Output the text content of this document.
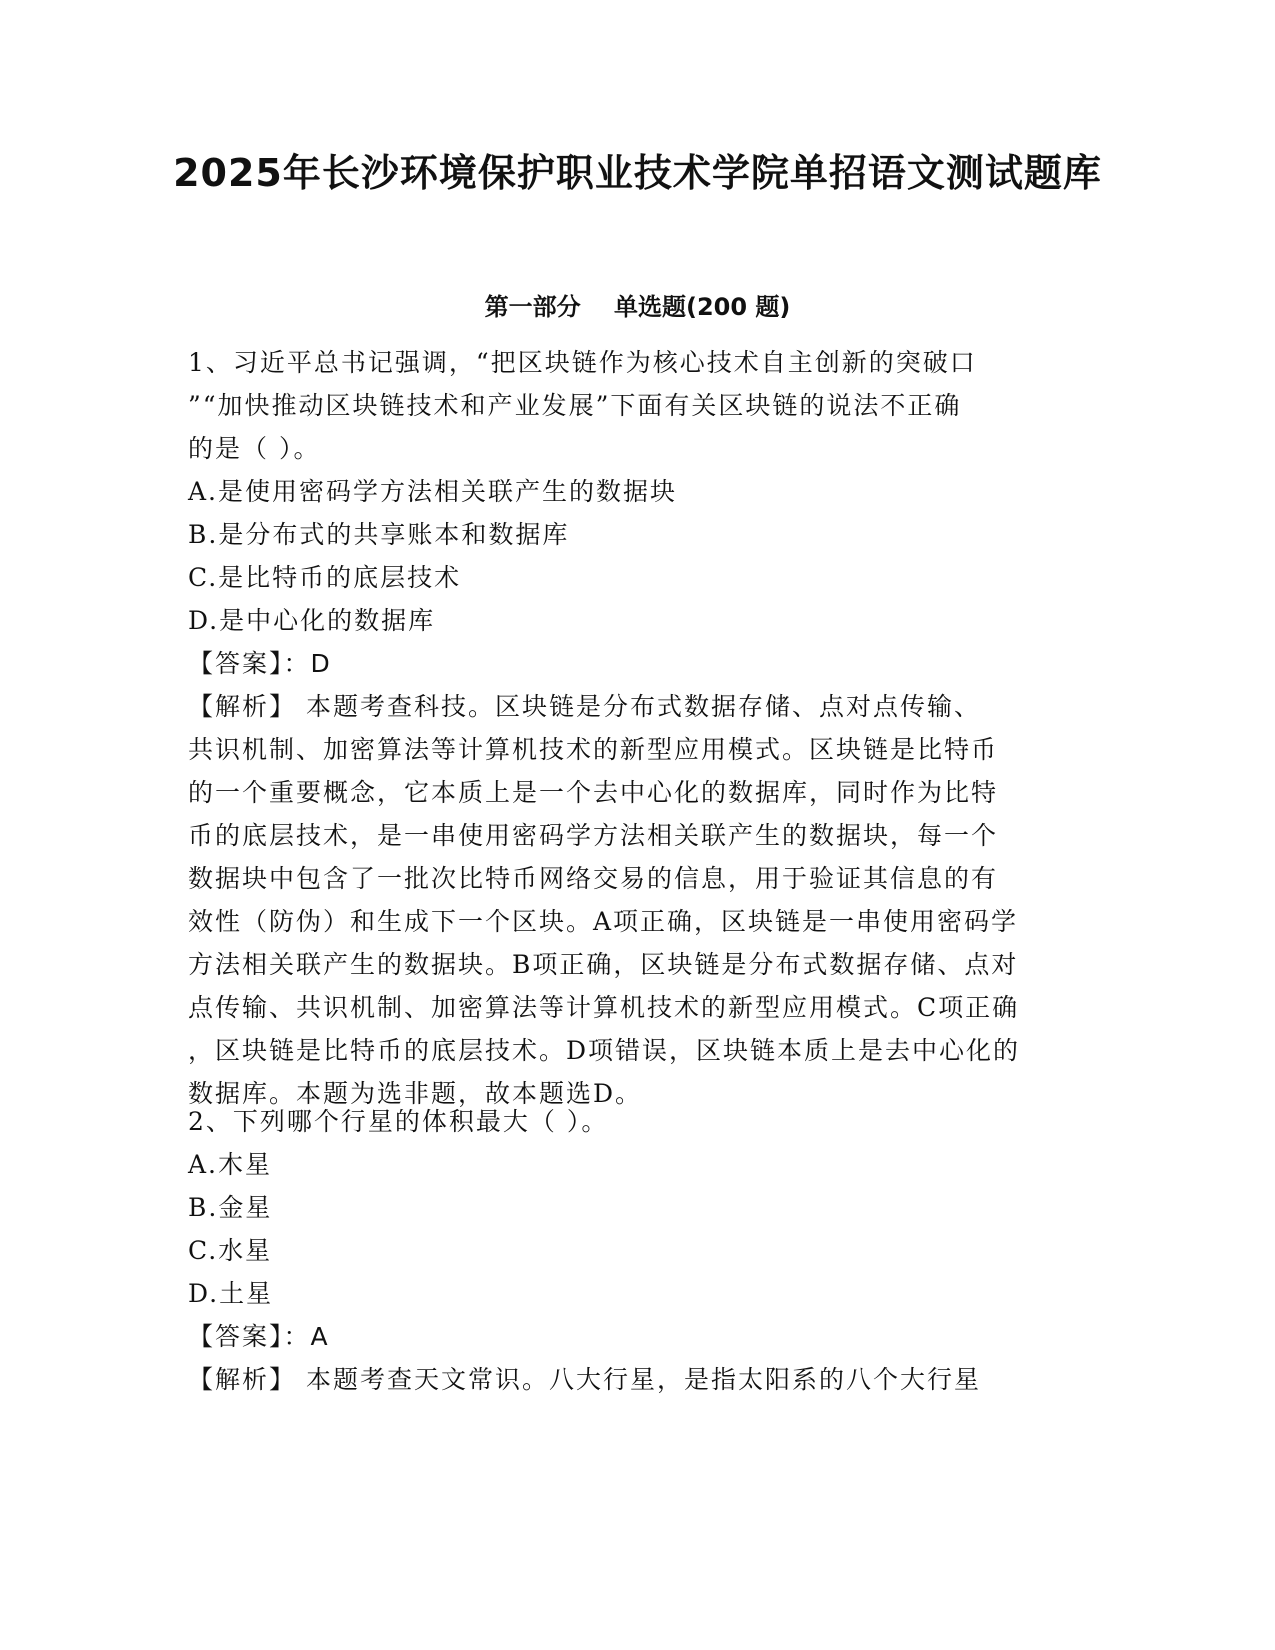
2025年长沙环境保护职业技术学院单招语文测试题库
第一部分    单选题(200 题)
1、习近平总书记强调，“把区块链作为核心技术自主创新的突破口
”“加快推动区块链技术和产业发展”下面有关区块链的说法不正确
的是（ ）。
A.是使用密码学方法相关联产生的数据块
B.是分布式的共享账本和数据库
C.是比特币的底层技术
D.是中心化的数据库
【答案】：D
【解析】 本题考查科技。区块链是分布式数据存储、点对点传输、
共识机制、加密算法等计算机技术的新型应用模式。区块链是比特币
的一个重要概念，它本质上是一个去中心化的数据库，同时作为比特
币的底层技术，是一串使用密码学方法相关联产生的数据块，每一个
数据块中包含了一批次比特币网络交易的信息，用于验证其信息的有
效性（防伪）和生成下一个区块。A项正确，区块链是一串使用密码学
方法相关联产生的数据块。B项正确，区块链是分布式数据存储、点对
点传输、共识机制、加密算法等计算机技术的新型应用模式。C项正确
，区块链是比特币的底层技术。D项错误，区块链本质上是去中心化的
数据库。本题为选非题，故本题选D。
2、下列哪个行星的体积最大（ ）。
A.木星
B.金星
C.水星
D.土星
【答案】：A
【解析】 本题考查天文常识。八大行星，是指太阳系的八个大行星
